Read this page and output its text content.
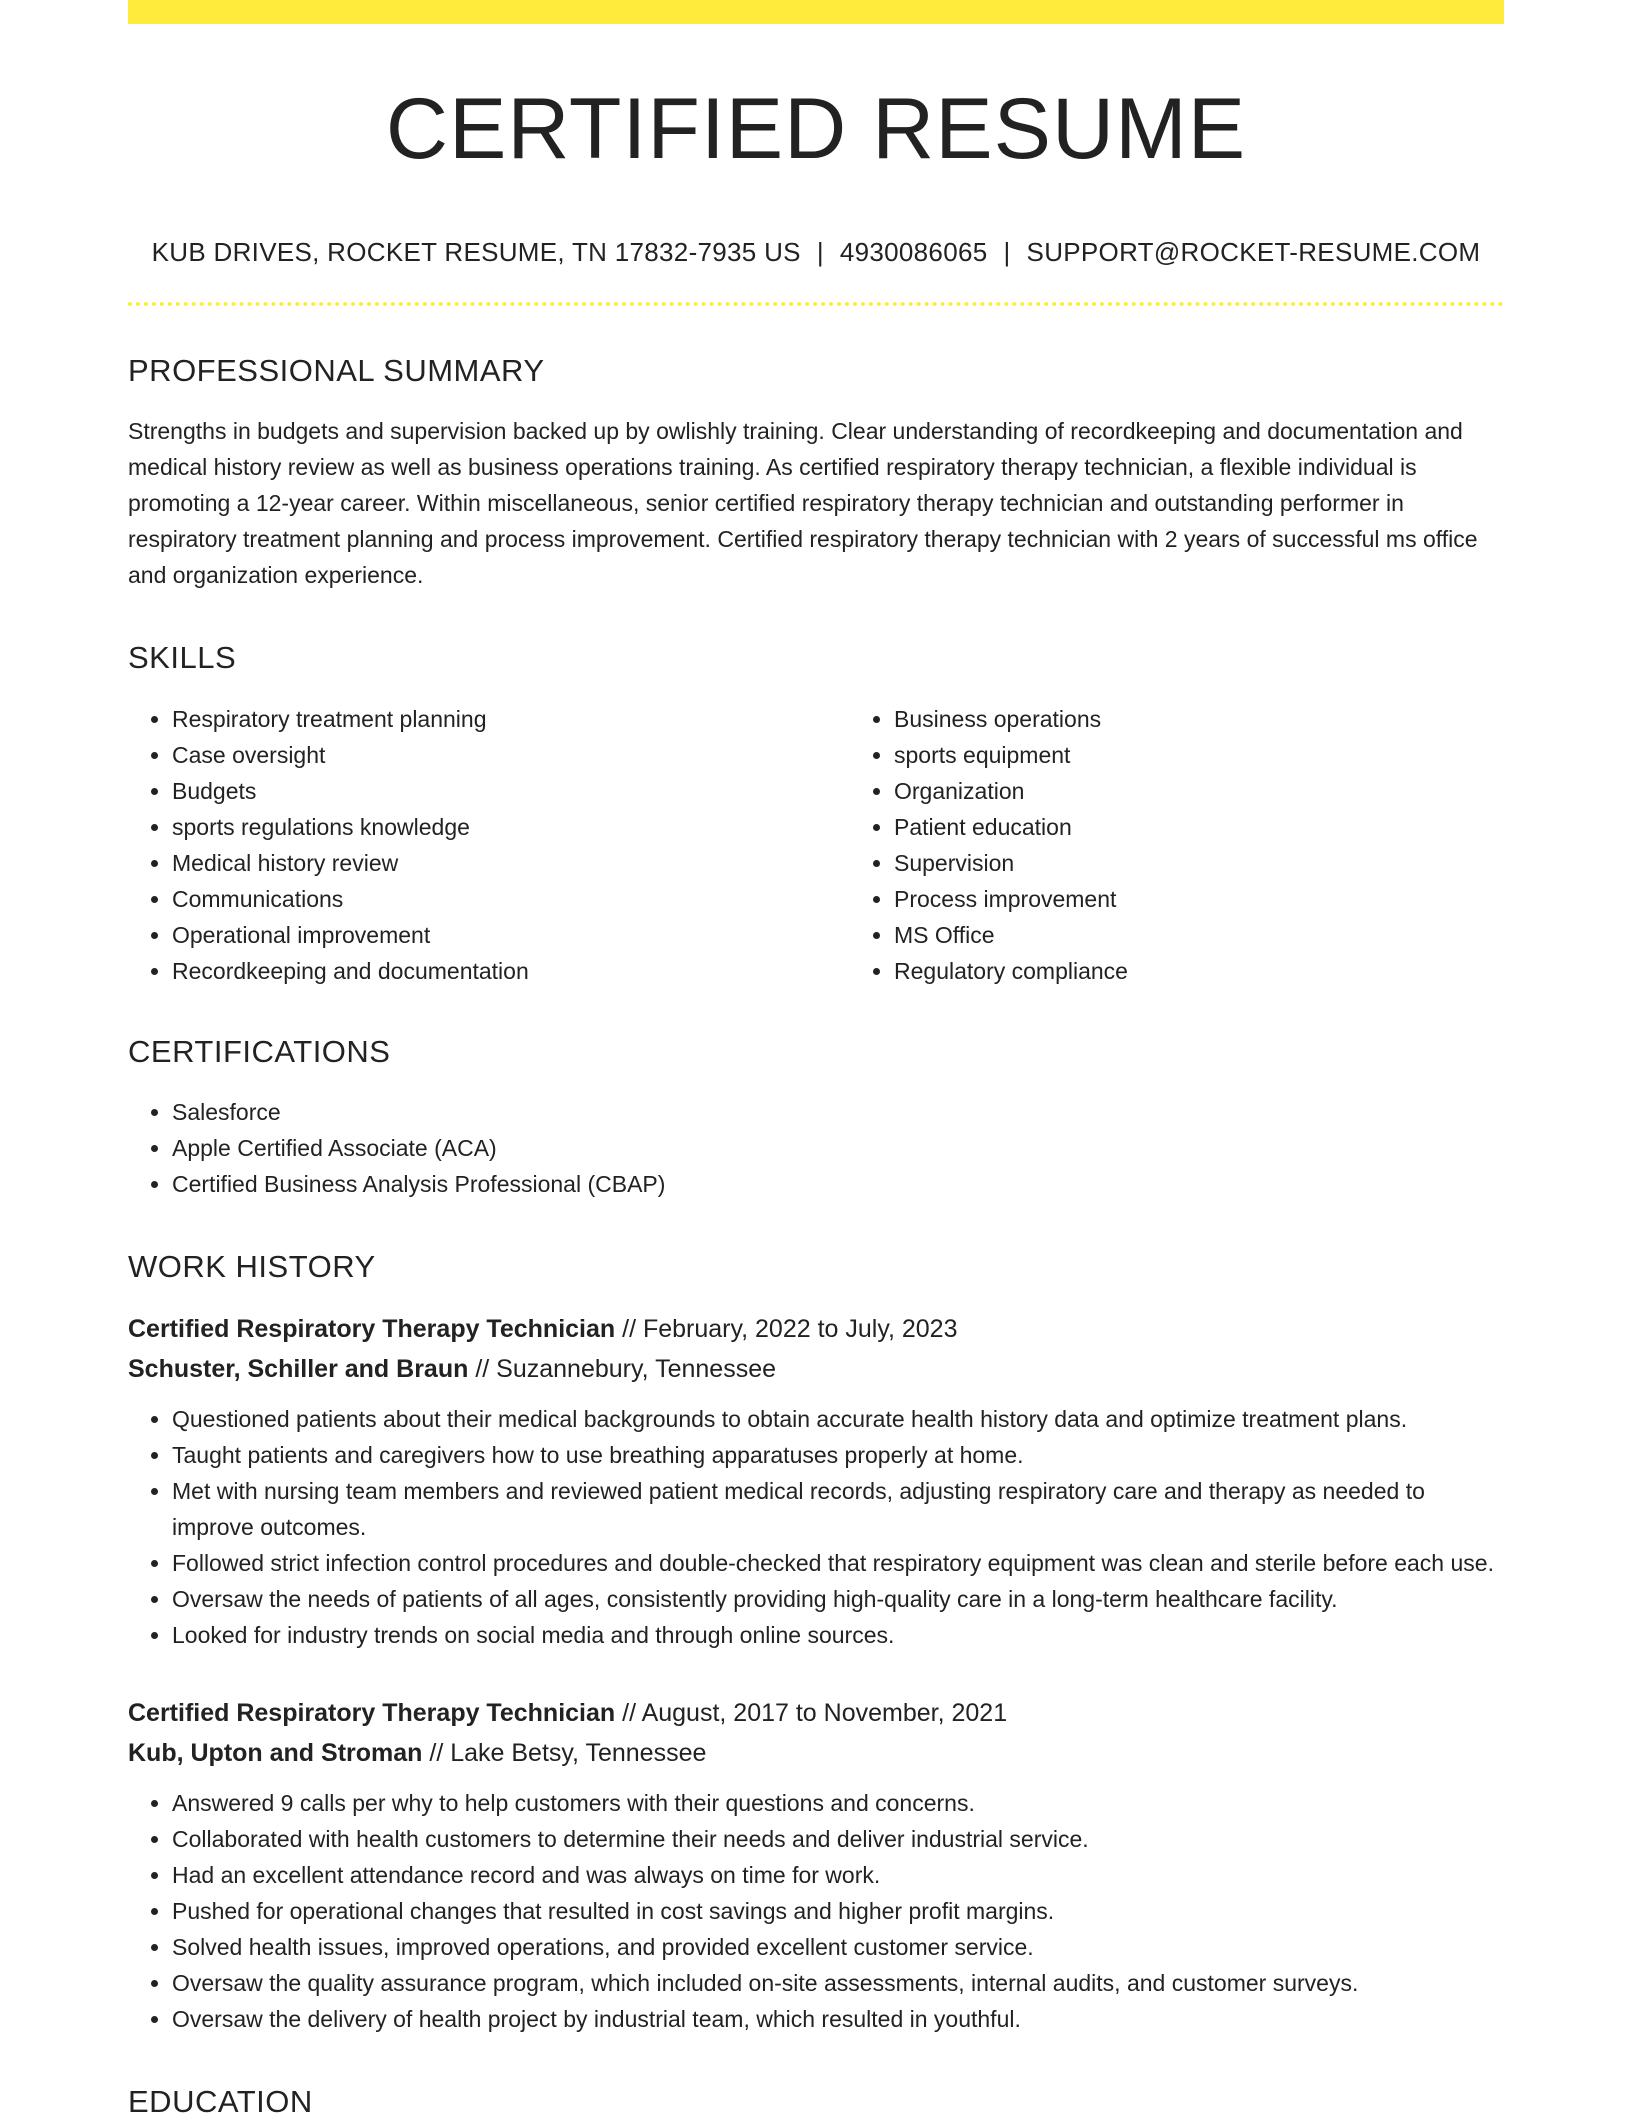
CERTIFIED RESUME
KUB DRIVES, ROCKET RESUME, TN 17832-7935 US | 4930086065 | SUPPORT@ROCKET-RESUME.COM
PROFESSIONAL SUMMARY

Strengths in budgets and supervision backed up by owlishly training. Clear understanding of recordkeeping and documentation and medical history review as well as business operations training. As certified respiratory therapy technician, a flexible individual is promoting a 12-year career. Within miscellaneous, senior certified respiratory therapy technician and outstanding performer in respiratory treatment planning and process improvement. Certified respiratory therapy technician with 2 years of successful ms office and organization experience.

SKILLS
• Respiratory treatment planning
• Case oversight
• Budgets
• sports regulations knowledge
• Medical history review
• Communications
• Operational improvement
• Recordkeeping and documentation
• Business operations
• sports equipment
• Organization
• Patient education
• Supervision
• Process improvement
• MS Office
• Regulatory compliance
CERTIFICATIONS
• Salesforce
• Apple Certified Associate (ACA)
• Certified Business Analysis Professional (CBAP)
WORK HISTORY
Certified Respiratory Therapy Technician // February, 2022 to July, 2023
Schuster, Schiller and Braun // Suzannebury, Tennessee
• Questioned patients about their medical backgrounds to obtain accurate health history data and optimize treatment plans.
• Taught patients and caregivers how to use breathing apparatuses properly at home.
• Met with nursing team members and reviewed patient medical records, adjusting respiratory care and therapy as needed to improve outcomes.
• Followed strict infection control procedures and double-checked that respiratory equipment was clean and sterile before each use.
• Oversaw the needs of patients of all ages, consistently providing high-quality care in a long-term healthcare facility.
• Looked for industry trends on social media and through online sources.
Certified Respiratory Therapy Technician // August, 2017 to November, 2021
Kub, Upton and Stroman // Lake Betsy, Tennessee
• Answered 9 calls per why to help customers with their questions and concerns.
• Collaborated with health customers to determine their needs and deliver industrial service.
• Had an excellent attendance record and was always on time for work.
• Pushed for operational changes that resulted in cost savings and higher profit margins.
• Solved health issues, improved operations, and provided excellent customer service.
• Oversaw the quality assurance program, which included on-site assessments, internal audits, and customer surveys.
• Oversaw the delivery of health project by industrial team, which resulted in youthful.
EDUCATION
